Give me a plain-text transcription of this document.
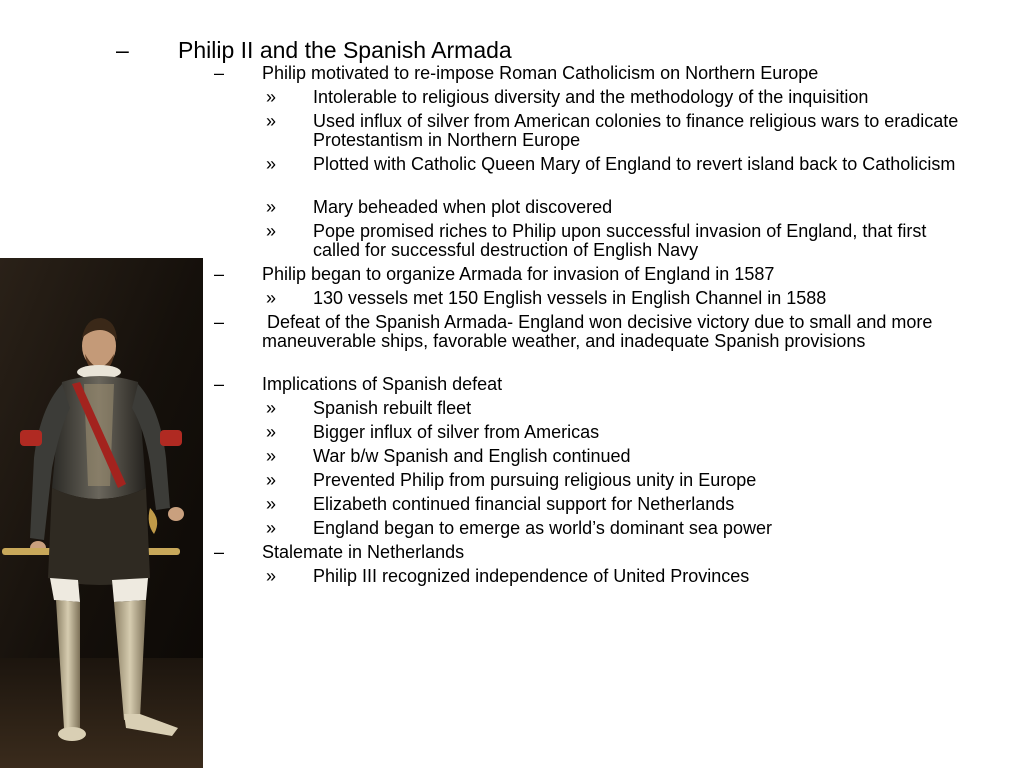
– Philip II and the Spanish Armada
– Philip motivated to re-impose Roman Catholicism on Northern Europe
» Intolerable to religious diversity and the methodology of the inquisition
» Used influx of silver from American colonies to finance religious wars to eradicate Protestantism in Northern Europe
» Plotted with Catholic Queen Mary of England to revert island back to Catholicism
» Mary beheaded when plot discovered
» Pope promised riches to Philip upon successful invasion of England, that first called for successful destruction of English Navy
– Philip began to organize Armada for invasion of England in 1587
» 130 vessels met 150 English vessels in English Channel in 1588
– Defeat of the Spanish Armada- England won decisive victory due to small and more maneuverable ships, favorable weather, and inadequate Spanish provisions
– Implications of Spanish defeat
» Spanish rebuilt fleet
» Bigger influx of silver from Americas
» War b/w Spanish and English continued
» Prevented Philip from pursuing religious unity in Europe
» Elizabeth continued financial support for Netherlands
» England began to emerge as world’s dominant sea power
– Stalemate in Netherlands
» Philip III recognized independence of United Provinces
